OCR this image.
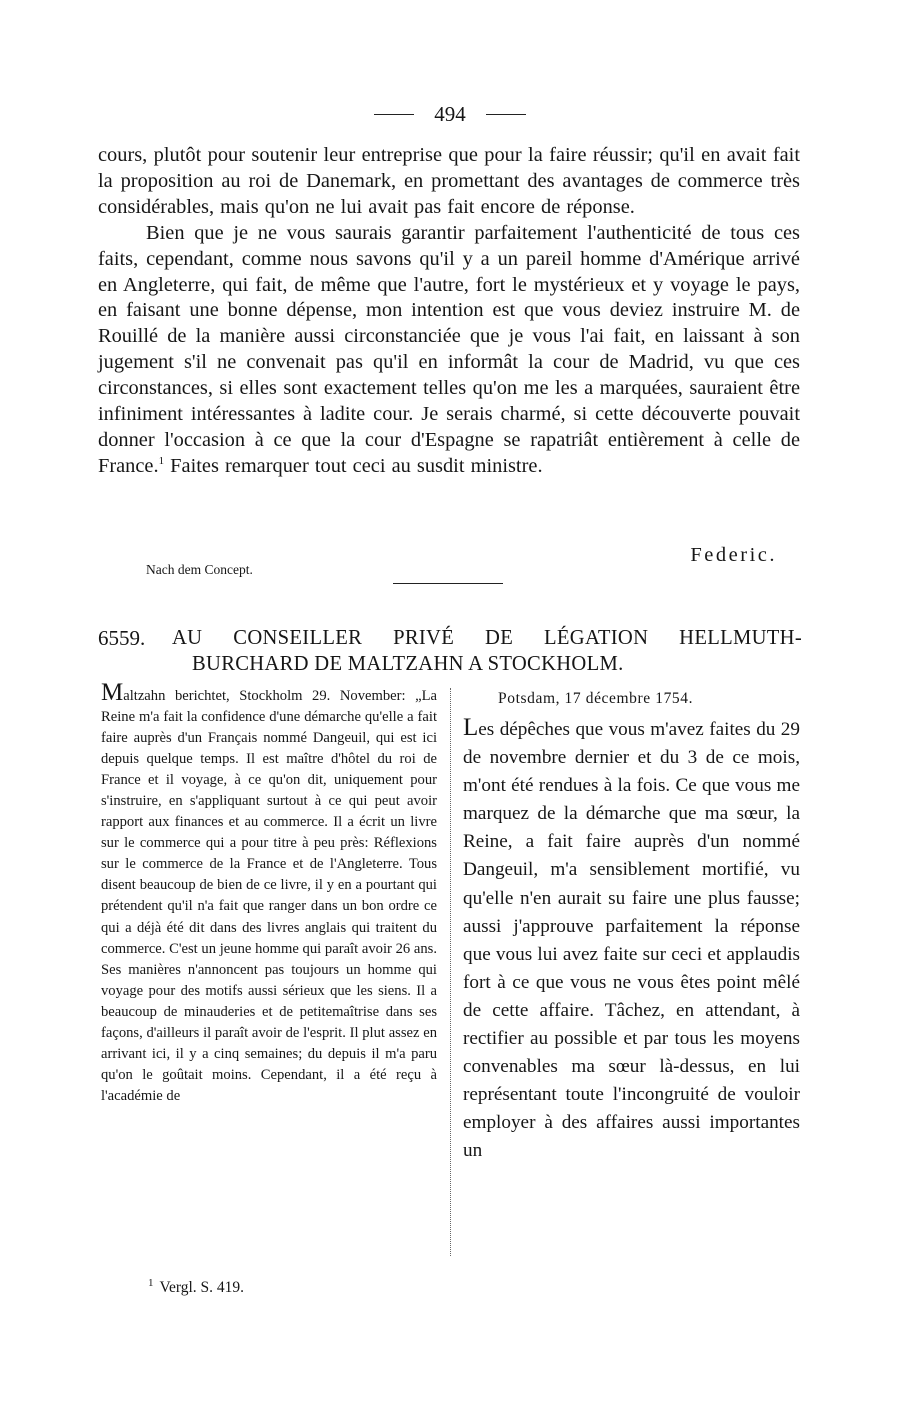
494

cours, plutôt pour soutenir leur entreprise que pour la faire réussir; qu'il en avait fait la proposition au roi de Danemark, en promettant des avantages de commerce très considérables, mais qu'on ne lui avait pas fait encore de réponse.

Bien que je ne vous saurais garantir parfaitement l'authenticité de tous ces faits, cependant, comme nous savons qu'il y a un pareil homme d'Amérique arrivé en Angleterre, qui fait, de même que l'autre, fort le mystérieux et y voyage le pays, en faisant une bonne dépense, mon intention est que vous deviez instruire M. de Rouillé de la manière aussi circonstanciée que je vous l'ai fait, en laissant à son jugement s'il ne convenait pas qu'il en informât la cour de Madrid, vu que ces circonstances, si elles sont exactement telles qu'on me les a marquées, sauraient être infiniment intéressantes à ladite cour. Je serais charmé, si cette découverte pouvait donner l'occasion à ce que la cour d'Espagne se rapatriât entièrement à celle de France.$^1$ Faites remarquer tout ceci au susdit ministre.

Federic.
Nach dem Concept.
6559. AU CONSEILLER PRIVÉ DE LÉGATION HELLMUTH-
BURCHARD DE MALTZAHN A STOCKHOLM.

Maltzahn berichtet, Stockholm 29. November: „La Reine m'a fait la confidence d'une démarche qu'elle a fait faire auprès d'un Français nommé Dangeuil, qui est ici depuis quelque temps. Il est maître d'hôtel du roi de France et il voyage, à ce qu'on dit, uniquement pour s'instruire, en s'appliquant surtout à ce qui peut avoir rapport aux finances et au commerce. Il a écrit un livre sur le commerce qui a pour titre à peu près: Réflexions sur le commerce de la France et de l'Angleterre. Tous disent beaucoup de bien de ce livre, il y en a pourtant qui prétendent qu'il n'a fait que ranger dans un bon ordre ce qui a déjà été dit dans des livres anglais qui traitent du commerce. C'est un jeune homme qui paraît avoir 26 ans. Ses manières n'annoncent pas toujours un homme qui voyage pour des motifs aussi sérieux que les siens. Il a beaucoup de minauderies et de petitemaîtrise dans ses façons, d'ailleurs il paraît avoir de l'esprit. Il plut assez en arrivant ici, il y a cinq semaines; du depuis il m'a paru qu'on le goûtait moins. Cependant, il a été reçu à l'académie de

Potsdam, 17 décembre 1754.

Les dépêches que vous m'avez faites du 29 de novembre dernier et du 3 de ce mois, m'ont été rendues à la fois. Ce que vous me marquez de la démarche que ma sœur, la Reine, a fait faire auprès d'un nommé Dangeuil, m'a sensiblement mortifié, vu qu'elle n'en aurait su faire une plus fausse; aussi j'approuve parfaitement la réponse que vous lui avez faite sur ceci et applaudis fort à ce que vous ne vous êtes point mêlé de cette affaire. Tâchez, en attendant, à rectifier au possible et par tous les moyens convenables ma sœur là-dessus, en lui représentant toute l'incongruité de vouloir employer à des affaires aussi importantes un

$^1$ Vergl. S. 419.
